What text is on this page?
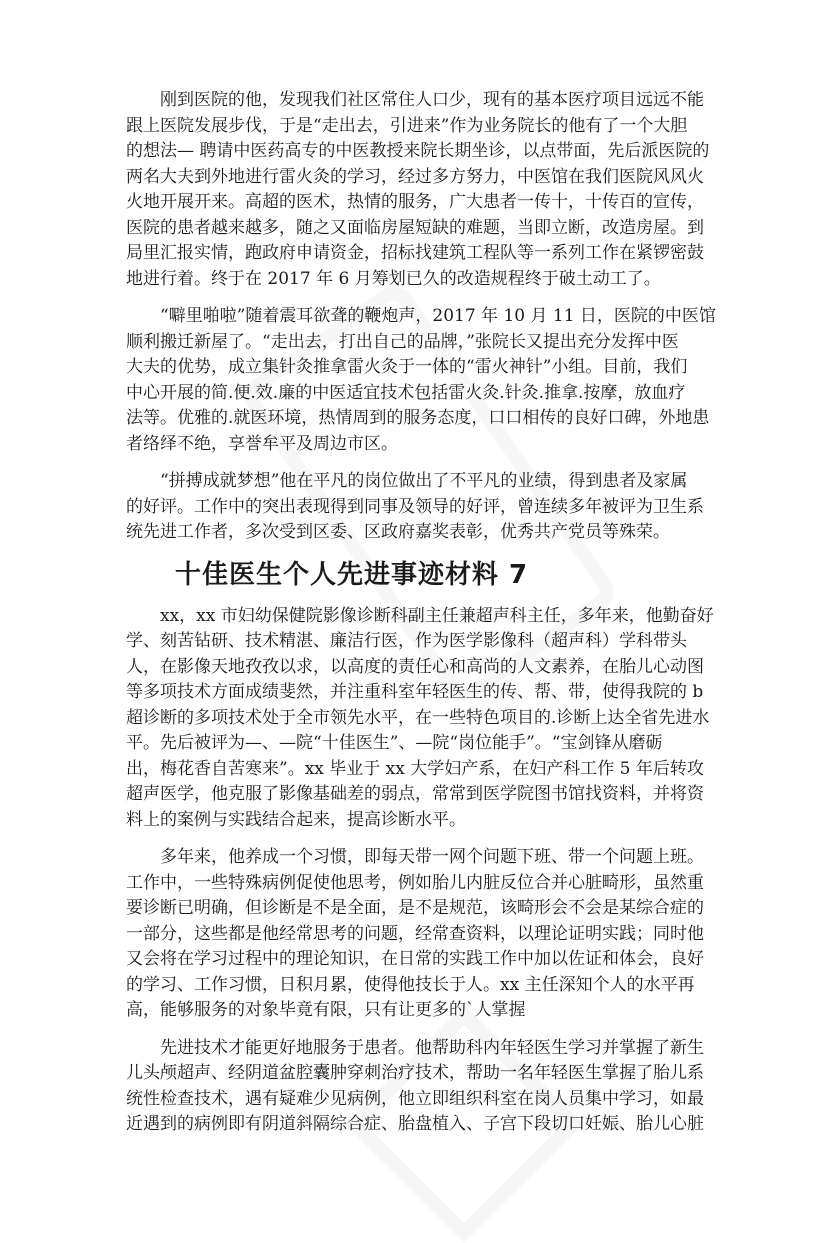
刚到医院的他，发现我们社区常住人口少，现有的基本医疗项目远远不能
跟上医院发展步伐，于是“走出去，引进来”作为业务院长的他有了一个大胆
的想法— 聘请中医药高专的中医教授来院长期坐诊，以点带面，先后派医院的
两名大夫到外地进行雷火灸的学习，经过多方努力，中医馆在我们医院风风火
火地开展开来。高超的医术，热情的服务，广大患者一传十，十传百的宣传，
医院的患者越来越多，随之又面临房屋短缺的难题，当即立断，改造房屋。到
局里汇报实情，跑政府申请资金，招标找建筑工程队等一系列工作在紧锣密鼓
地进行着。终于在 2017 年 6 月筹划已久的改造规程终于破土动工了。
“噼里啪啦”随着震耳欲聋的鞭炮声，2017 年 10 月 11 日，医院的中医馆
顺利搬迁新屋了。“走出去，打出自己的品牌，”张院长又提出充分发挥中医
大夫的优势，成立集针灸推拿雷火灸于一体的“雷火神针”小组。目前，我们
中心开展的简.便.效.廉的中医适宜技术包括雷火灸.针灸.推拿.按摩，放血疗
法等。优雅的.就医环境，热情周到的服务态度，口口相传的良好口碑，外地患
者络绎不绝，享誉牟平及周边市区。
“拼搏成就梦想”他在平凡的岗位做出了不平凡的业绩，得到患者及家属
的好评。工作中的突出表现得到同事及领导的好评，曾连续多年被评为卫生系
统先进工作者，多次受到区委、区政府嘉奖表彰，优秀共产党员等殊荣。
十佳医生个人先进事迹材料 7
xx，xx 市妇幼保健院影像诊断科副主任兼超声科主任，多年来，他勤奋好
学、刻苦钻研、技术精湛、廉洁行医，作为医学影像科（超声科）学科带头
人，在影像天地孜孜以求，以高度的责任心和高尚的人文素养，在胎儿心动图
等多项技术方面成绩斐然，并注重科室年轻医生的传、帮、带，使得我院的 b
超诊断的多项技术处于全市领先水平，在一些特色项目的.诊断上达全省先进水
平。先后被评为—、—院“十佳医生”、—院“岗位能手”。“宝剑锋从磨砺
出，梅花香自苦寒来”。xx 毕业于 xx 大学妇产系，在妇产科工作 5 年后转攻
超声医学，他克服了影像基础差的弱点，常常到医学院图书馆找资料，并将资
料上的案例与实践结合起来，提高诊断水平。
多年来，他养成一个习惯，即每天带一网个问题下班、带一个问题上班。
工作中，一些特殊病例促使他思考，例如胎儿内脏反位合并心脏畸形，虽然重
要诊断已明确，但诊断是不是全面，是不是规范，该畸形会不会是某综合症的
一部分，这些都是他经常思考的问题，经常查资料，以理论证明实践；同时他
又会将在学习过程中的理论知识，在日常的实践工作中加以佐证和体会，良好
的学习、工作习惯，日积月累，使得他技长于人。xx 主任深知个人的水平再
高，能够服务的对象毕竟有限，只有让更多的`人掌握
先进技术才能更好地服务于患者。他帮助科内年轻医生学习并掌握了新生
儿头颅超声、经阴道盆腔囊肿穿刺治疗技术，帮助一名年轻医生掌握了胎儿系
统性检查技术，遇有疑难少见病例，他立即组织科室在岗人员集中学习，如最
近遇到的病例即有阴道斜隔综合症、胎盘植入、子宫下段切口妊娠、胎儿心脏
